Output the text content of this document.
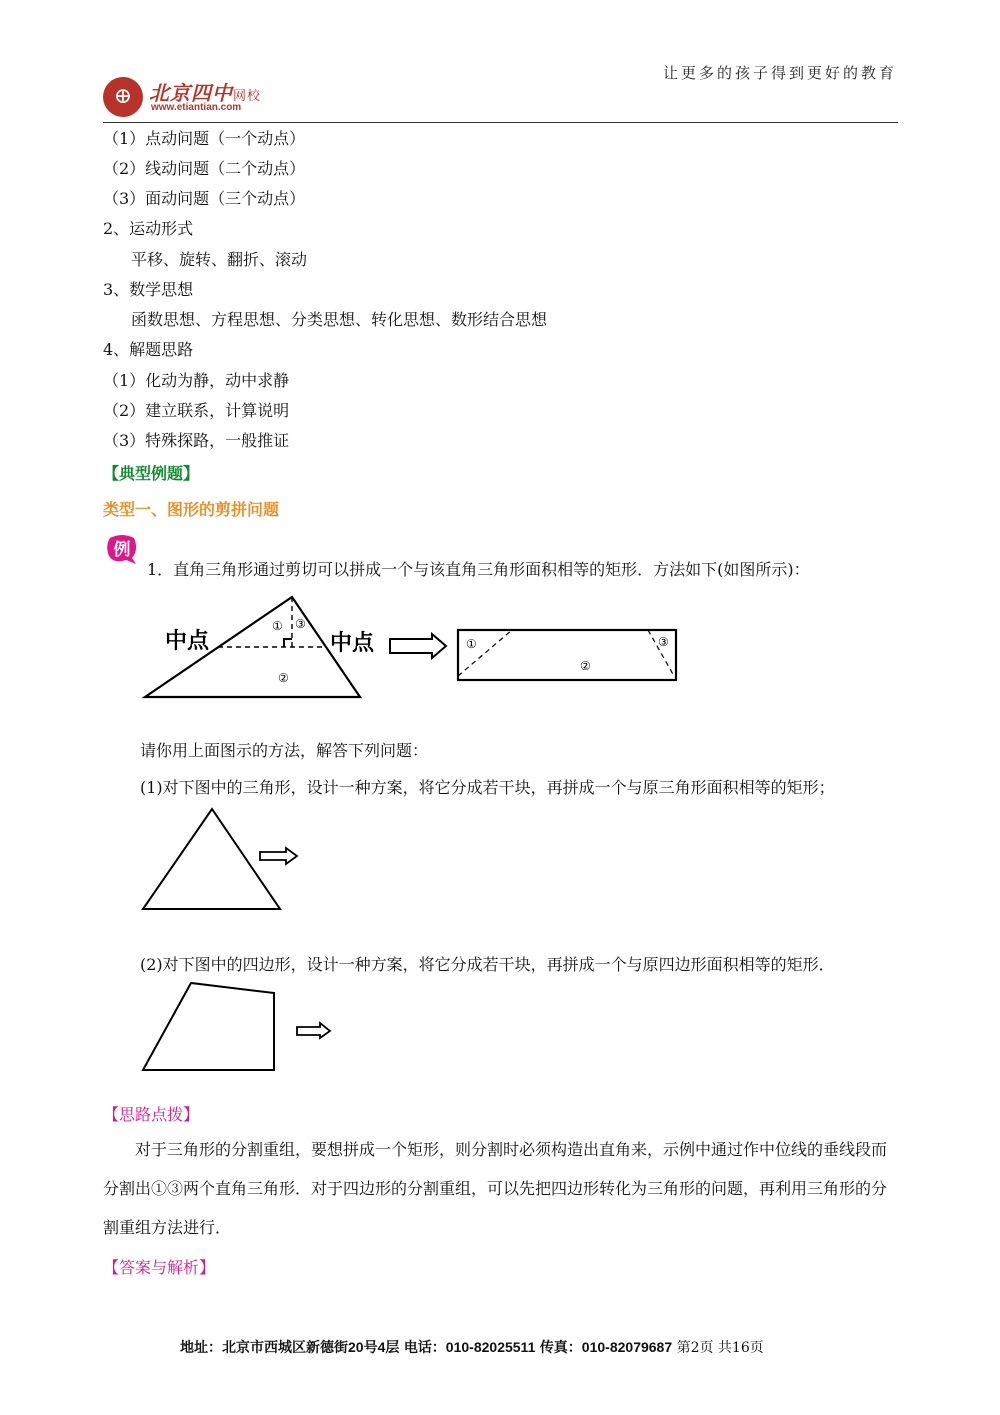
让更多的孩子得到更好的教育
⊕ 北京四中网校
www.etiantian.com
（1）点动问题（一个动点）
（2）线动问题（二个动点）
（3）面动问题（三个动点）
2、运动形式
平移、旋转、翻折、滚动
3、数学思想
函数思想、方程思想、分类思想、转化思想、数形结合思想
4、解题思路
（1）化动为静，动中求静
（2）建立联系，计算说明
（3）特殊探路，一般推证
【典型例题】
类型一、图形的剪拼问题
例
1．直角三角形通过剪切可以拼成一个与该直角三角形面积相等的矩形．方法如下(如图所示)：
① ③
②
中点	中点	①	③
②
请你用上面图示的方法，解答下列问题：
(1)对下图中的三角形，设计一种方案，将它分成若干块，再拼成一个与原三角形面积相等的矩形；
(2)对下图中的四边形，设计一种方案，将它分成若干块，再拼成一个与原四边形面积相等的矩形．
【思路点拨】
对于三角形的分割重组，要想拼成一个矩形，则分割时必须构造出直角来，示例中通过作中位线的垂线段而分割出①③两个直角三角形．对于四边形的分割重组，可以先把四边形转化为三角形的问题，再利用三角形的分割重组方法进行．
【答案与解析】
地址：北京市西城区新德街20号4层 电话：010-82025511 传真：010-82079687 第2页 共16页
